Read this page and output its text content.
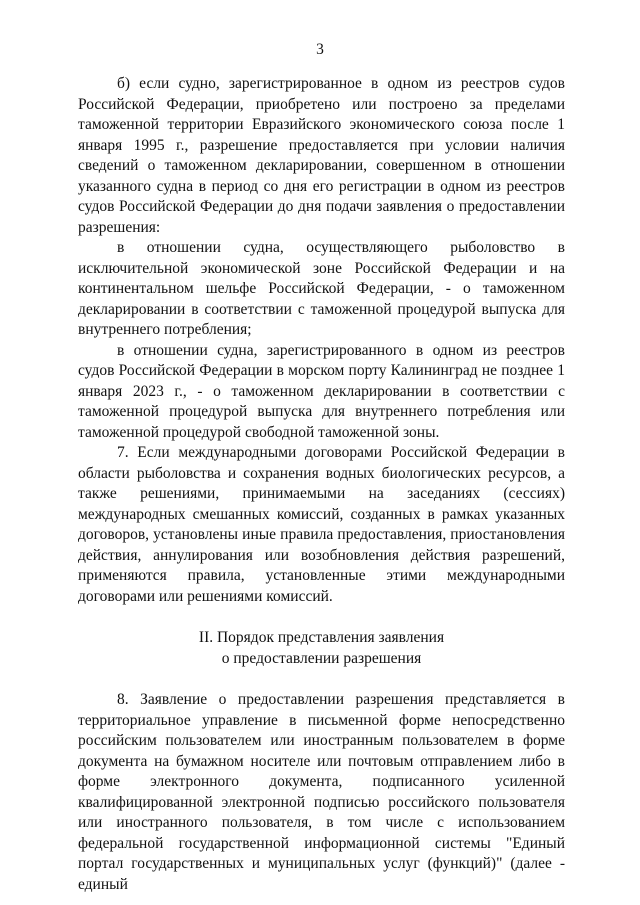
3

б) если судно, зарегистрированное в одном из реестров судов Российской Федерации, приобретено или построено за пределами таможенной территории Евразийского экономического союза после 1 января 1995 г., разрешение предоставляется при условии наличия сведений о таможенном декларировании, совершенном в отношении указанного судна в период со дня его регистрации в одном из реестров судов Российской Федерации до дня подачи заявления о предоставлении разрешения:

в отношении судна, осуществляющего рыболовство в исключительной экономической зоне Российской Федерации и на континентальном шельфе Российской Федерации, - о таможенном декларировании в соответствии с таможенной процедурой выпуска для внутреннего потребления;

в отношении судна, зарегистрированного в одном из реестров судов Российской Федерации в морском порту Калининград не позднее 1 января 2023 г., - о таможенном декларировании в соответствии с таможенной процедурой выпуска для внутреннего потребления или таможенной процедурой свободной таможенной зоны.

7. Если международными договорами Российской Федерации в области рыболовства и сохранения водных биологических ресурсов, а также решениями, принимаемыми на заседаниях (сессиях) международных смешанных комиссий, созданных в рамках указанных договоров, установлены иные правила предоставления, приостановления действия, аннулирования или возобновления действия разрешений, применяются правила, установленные этими международными договорами или решениями комиссий.

II. Порядок представления заявления
о предоставлении разрешения

8. Заявление о предоставлении разрешения представляется в территориальное управление в письменной форме непосредственно российским пользователем или иностранным пользователем в форме документа на бумажном носителе или почтовым отправлением либо в форме электронного документа, подписанного усиленной квалифицированной электронной подписью российского пользователя или иностранного пользователя, в том числе с использованием федеральной государственной информационной системы "Единый портал государственных и муниципальных услуг (функций)" (далее - единый
